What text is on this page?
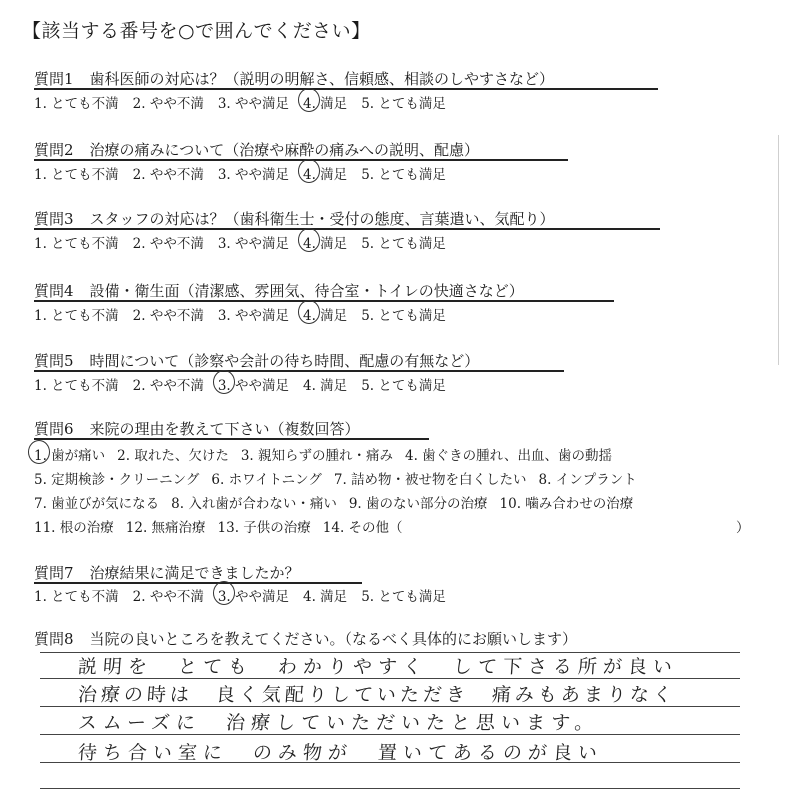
【該当する番号を○で囲んでください】
質問1 歯科医師の対応は？（説明の明解さ、信頼感、相談のしやすさなど）
1. とても不満 2. やや不満 3. やや満足 4. 満足 5. とても満足
質問2 治療の痛みについて（治療や麻酔の痛みへの説明、配慮）
1. とても不満 2. やや不満 3. やや満足 4. 満足 5. とても満足
質問3 スタッフの対応は？（歯科衛生士・受付の態度、言葉遣い、気配り）
1. とても不満 2. やや不満 3. やや満足 4. 満足 5. とても満足
質問4 設備・衛生面（清潔感、雰囲気、待合室・トイレの快適さなど）
1. とても不満 2. やや不満 3. やや満足 4. 満足 5. とても満足
質問5 時間について（診察や会計の待ち時間、配慮の有無など）
1. とても不満 2. やや不満 3. やや満足 4. 満足 5. とても満足
質問6 来院の理由を教えて下さい（複数回答）
1. 歯が痛い 2. 取れた、欠けた 3. 親知らずの腫れ・痛み 4. 歯ぐきの腫れ、出血、歯の動揺
5. 定期検診・クリーニング 6. ホワイトニング 7. 詰め物・被せ物を白くしたい 8. インプラント
7. 歯並びが気になる 8. 入れ歯が合わない・痛い 9. 歯のない部分の治療 10. 噛み合わせの治療
11. 根の治療 12. 無痛治療 13. 子供の治療 14. その他（	）
質問7 治療結果に満足できましたか？
1. とても不満 2. やや不満 3. やや満足 4. 満足 5. とても満足
質問8 当院の良いところを教えてください。（なるべく具体的にお願いします）
説明を　とても　わかりやすく　して下さる所が良い
治療の時は　良く気配りしていただき　痛みもあまりなく
スムーズに　治療していただいたと思います。
待ち合い室に　のみ物が　置いてあるのが良い
